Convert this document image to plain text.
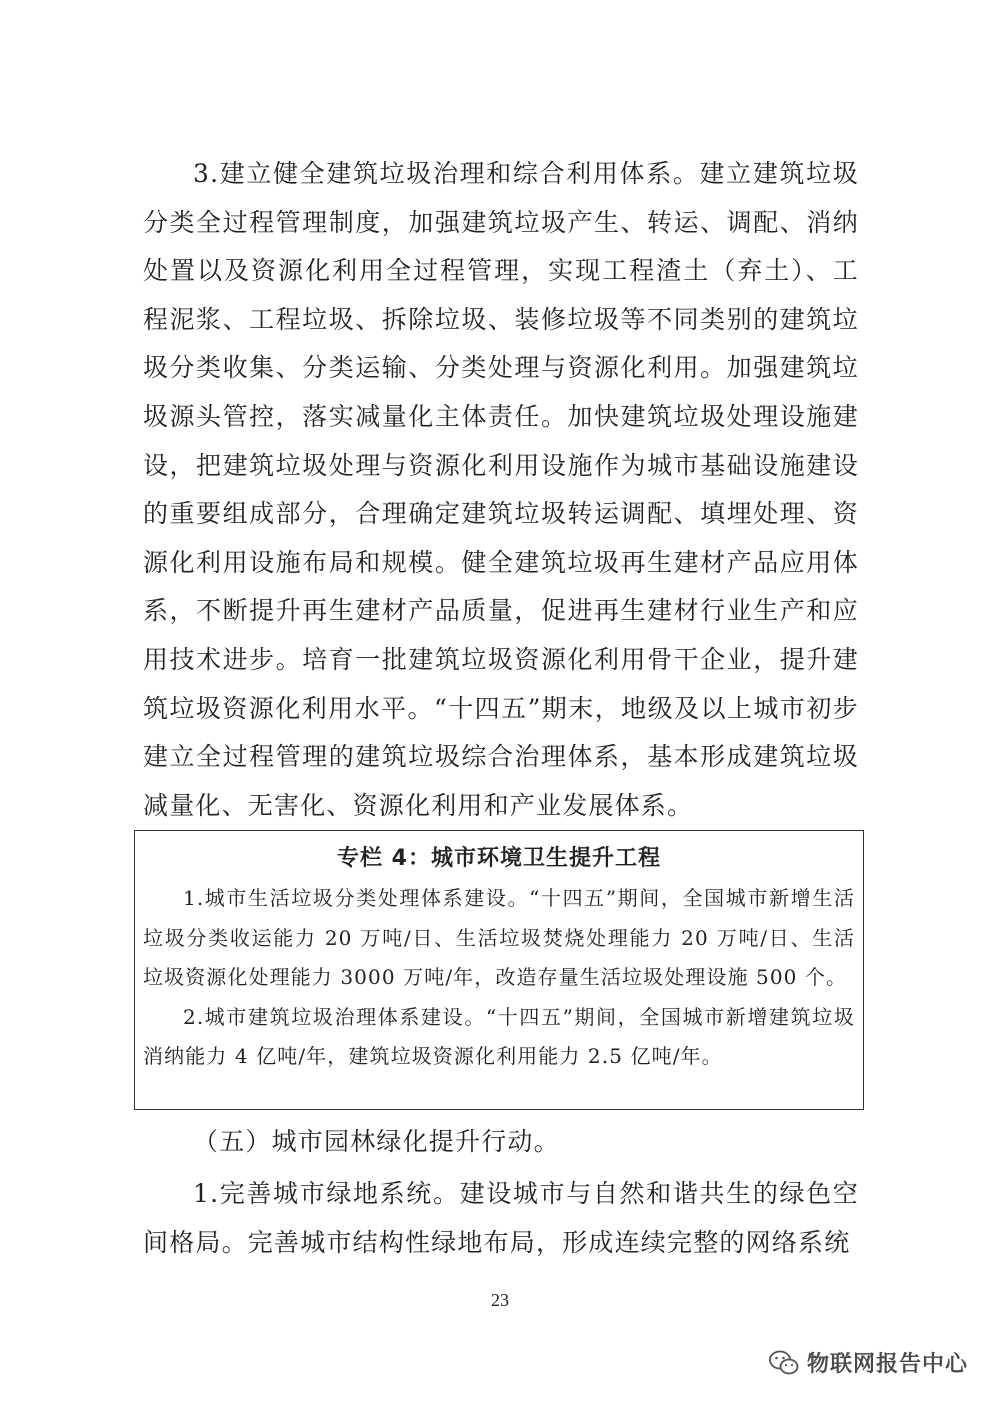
3.建立健全建筑垃圾治理和综合利用体系。建立建筑垃圾分类全过程管理制度，加强建筑垃圾产生、转运、调配、消纳处置以及资源化利用全过程管理，实现工程渣土（弃土）、工程泥浆、工程垃圾、拆除垃圾、装修垃圾等不同类别的建筑垃圾分类收集、分类运输、分类处理与资源化利用。加强建筑垃圾源头管控，落实减量化主体责任。加快建筑垃圾处理设施建设，把建筑垃圾处理与资源化利用设施作为城市基础设施建设的重要组成部分，合理确定建筑垃圾转运调配、填埋处理、资源化利用设施布局和规模。健全建筑垃圾再生建材产品应用体系，不断提升再生建材产品质量，促进再生建材行业生产和应用技术进步。培育一批建筑垃圾资源化利用骨干企业，提升建筑垃圾资源化利用水平。“十四五”期末，地级及以上城市初步建立全过程管理的建筑垃圾综合治理体系，基本形成建筑垃圾减量化、无害化、资源化利用和产业发展体系。

专栏 4：城市环境卫生提升工程

1.城市生活垃圾分类处理体系建设。“十四五”期间，全国城市新增生活垃圾分类收运能力 20 万吨/日、生活垃圾焚烧处理能力 20 万吨/日、生活垃圾资源化处理能力 3000 万吨/年，改造存量生活垃圾处理设施 500 个。

2.城市建筑垃圾治理体系建设。“十四五”期间，全国城市新增建筑垃圾消纳能力 4 亿吨/年，建筑垃圾资源化利用能力 2.5 亿吨/年。

（五）城市园林绿化提升行动。

1.完善城市绿地系统。建设城市与自然和谐共生的绿色空间格局。完善城市结构性绿地布局，形成连续完整的网络系统

23
物联网报告中心
